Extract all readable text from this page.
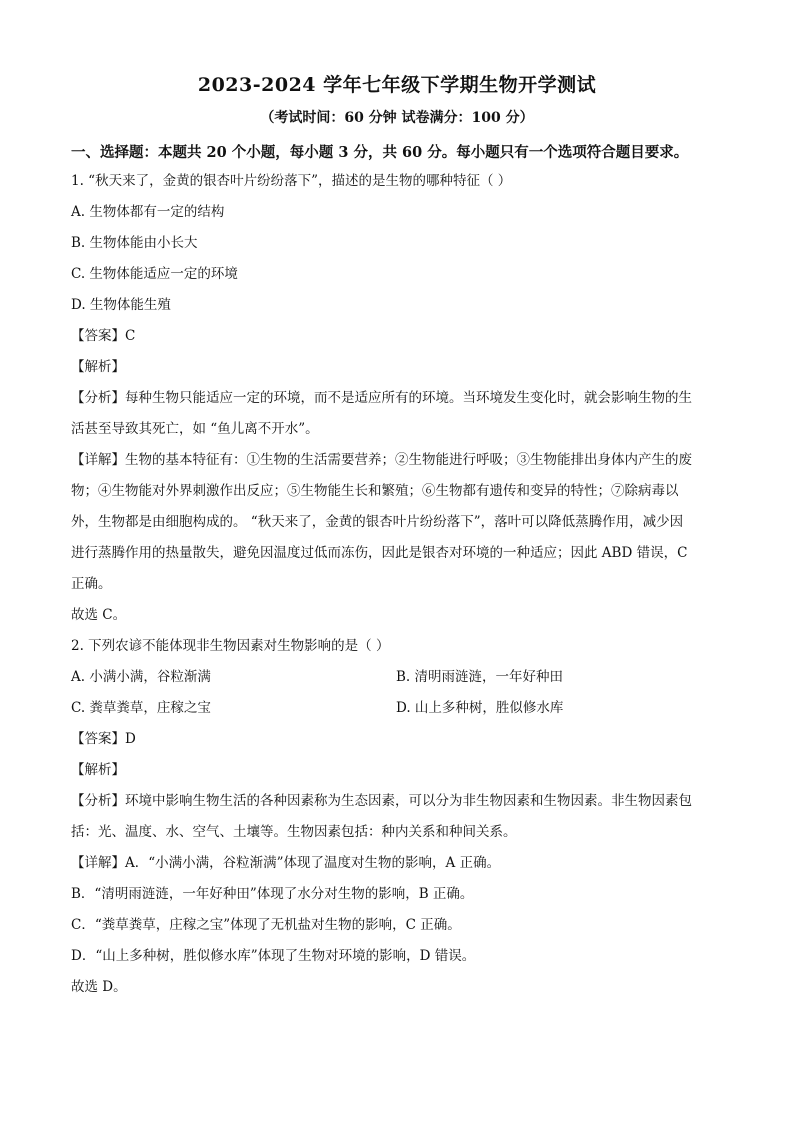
2023-2024 学年七年级下学期生物开学测试
（考试时间：60 分钟 试卷满分：100 分）
一、选择题：本题共 20 个小题，每小题 3 分，共 60 分。每小题只有一个选项符合题目要求。
1. “秋天来了，金黄的银杏叶片纷纷落下”，描述的是生物的哪种特征（ ）
A. 生物体都有一定的结构
B. 生物体能由小长大
C. 生物体能适应一定的环境
D. 生物体能生殖
【答案】C
【解析】
【分析】每种生物只能适应一定的环境，而不是适应所有的环境。当环境发生变化时，就会影响生物的生
活甚至导致其死亡，如 “鱼儿离不开水”。
【详解】生物的基本特征有：①生物的生活需要营养；②生物能进行呼吸；③生物能排出身体内产生的废
物；④生物能对外界刺激作出反应；⑤生物能生长和繁殖；⑥生物都有遗传和变异的特性；⑦除病毒以
外，生物都是由细胞构成的。 “秋天来了，金黄的银杏叶片纷纷落下”，落叶可以降低蒸腾作用，减少因
进行蒸腾作用的热量散失，避免因温度过低而冻伤，因此是银杏对环境的一种适应；因此 ABD 错误，C
正确。
故选 C。
2. 下列农谚不能体现非生物因素对生物影响的是（ ）
A. 小满小满，谷粒渐满	B. 清明雨涟涟，一年好种田
C. 粪草粪草，庄稼之宝	D. 山上多种树，胜似修水库
【答案】D
【解析】
【分析】环境中影响生物生活的各种因素称为生态因素，可以分为非生物因素和生物因素。非生物因素包
括：光、温度、水、空气、土壤等。生物因素包括：种内关系和种间关系。
【详解】A．“小满小满，谷粒渐满”体现了温度对生物的影响，A 正确。
B．“清明雨涟涟，一年好种田”体现了水分对生物的影响，B 正确。
C．“粪草粪草，庄稼之宝”体现了无机盐对生物的影响，C 正确。
D．“山上多种树，胜似修水库”体现了生物对环境的影响，D 错误。
故选 D。
